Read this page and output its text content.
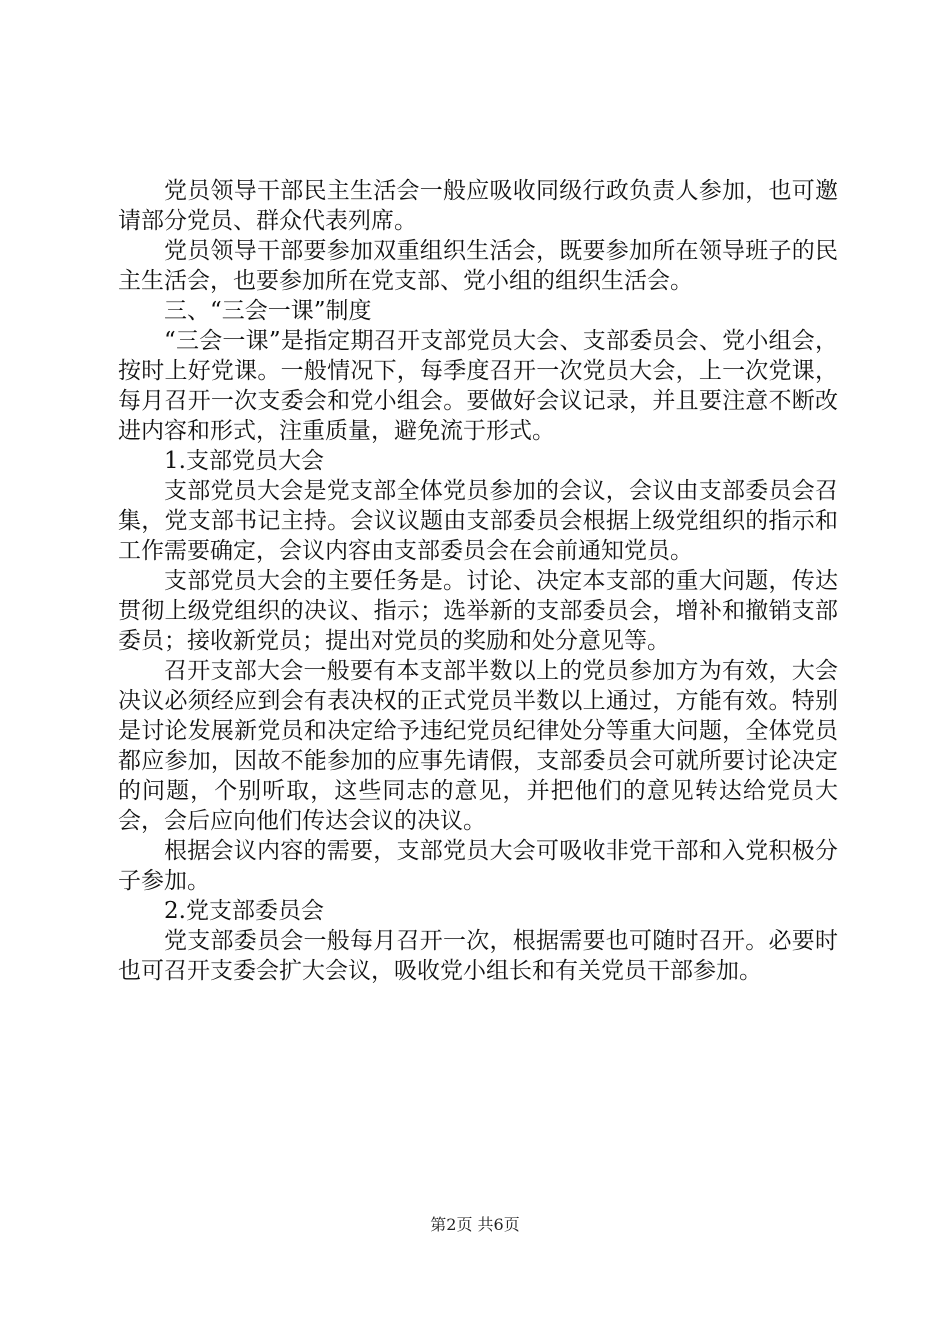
党员领导干部民主生活会一般应吸收同级行政负责人参加，也可邀请部分党员、群众代表列席。

党员领导干部要参加双重组织生活会，既要参加所在领导班子的民主生活会，也要参加所在党支部、党小组的组织生活会。

三、“三会一课”制度

“三会一课”是指定期召开支部党员大会、支部委员会、党小组会，按时上好党课。一般情况下，每季度召开一次党员大会，上一次党课，每月召开一次支委会和党小组会。要做好会议记录，并且要注意不断改进内容和形式，注重质量，避免流于形式。

1.支部党员大会

支部党员大会是党支部全体党员参加的会议，会议由支部委员会召集，党支部书记主持。会议议题由支部委员会根据上级党组织的指示和工作需要确定，会议内容由支部委员会在会前通知党员。

支部党员大会的主要任务是。讨论、决定本支部的重大问题，传达贯彻上级党组织的决议、指示；选举新的支部委员会，增补和撤销支部委员；接收新党员；提出对党员的奖励和处分意见等。

召开支部大会一般要有本支部半数以上的党员参加方为有效，大会决议必须经应到会有表决权的正式党员半数以上通过，方能有效。特别是讨论发展新党员和决定给予违纪党员纪律处分等重大问题，全体党员都应参加，因故不能参加的应事先请假，支部委员会可就所要讨论决定的问题，个别听取，这些同志的意见，并把他们的意见转达给党员大会，会后应向他们传达会议的决议。

根据会议内容的需要，支部党员大会可吸收非党干部和入党积极分子参加。

2.党支部委员会

党支部委员会一般每月召开一次，根据需要也可随时召开。必要时也可召开支委会扩大会议，吸收党小组长和有关党员干部参加。

第2页 共6页
